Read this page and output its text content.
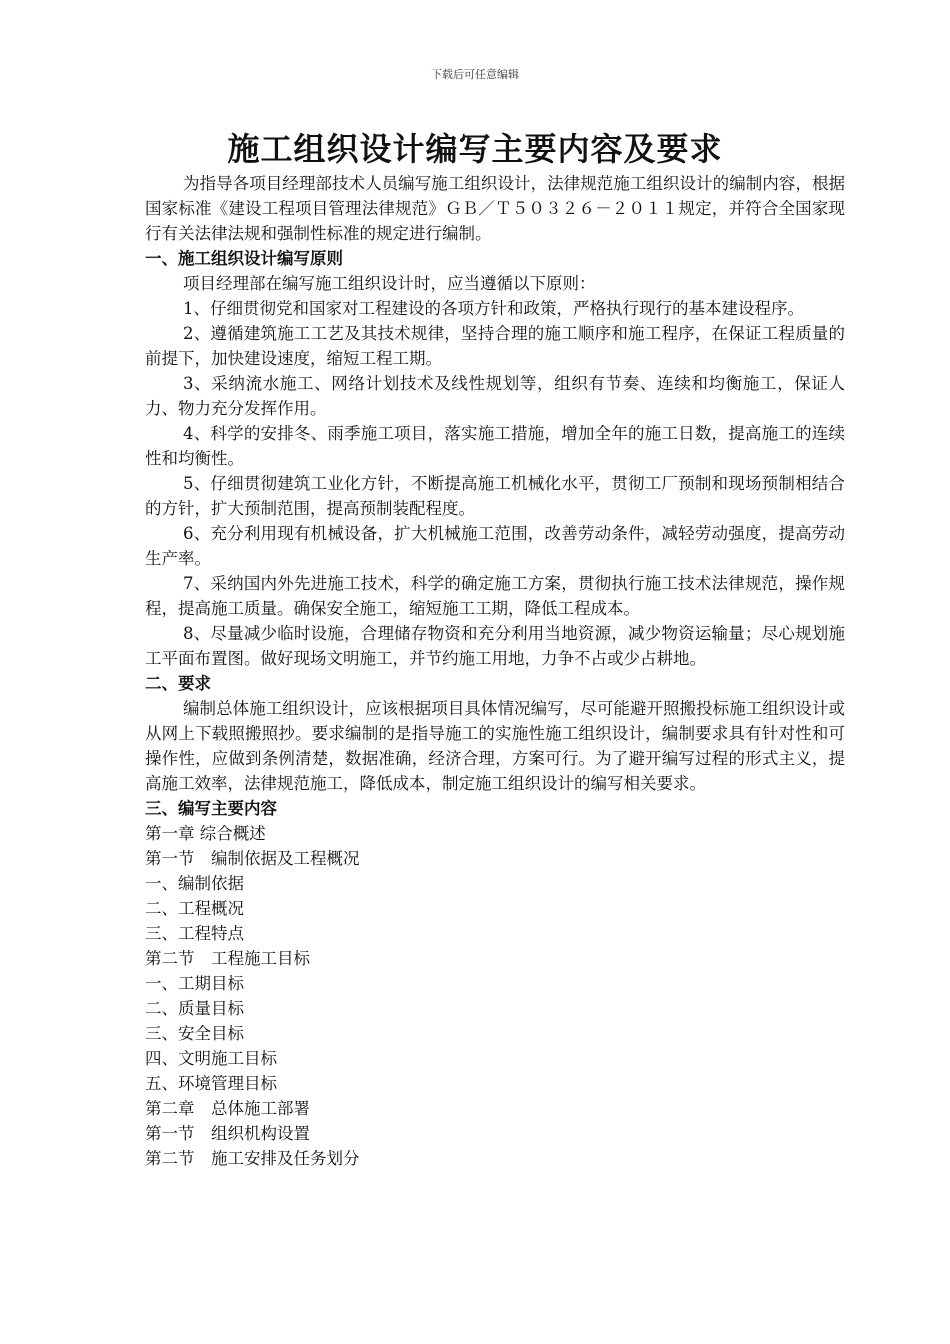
下载后可任意编辑
施工组织设计编写主要内容及要求

为指导各项目经理部技术人员编写施工组织设计，法律规范施工组织设计的编制内容，根据国家标准《建设工程项目管理法律规范》ＧＢ／Ｔ５０３２６－２０１１规定，并符合全国家现行有关法律法规和强制性标准的规定进行编制。

一、施工组织设计编写原则

项目经理部在编写施工组织设计时，应当遵循以下原则：

1、仔细贯彻党和国家对工程建设的各项方针和政策，严格执行现行的基本建设程序。

2、遵循建筑施工工艺及其技术规律，坚持合理的施工顺序和施工程序，在保证工程质量的前提下，加快建设速度，缩短工程工期。

3、采纳流水施工、网络计划技术及线性规划等，组织有节奏、连续和均衡施工，保证人力、物力充分发挥作用。

4、科学的安排冬、雨季施工项目，落实施工措施，增加全年的施工日数，提高施工的连续性和均衡性。

5、仔细贯彻建筑工业化方针，不断提高施工机械化水平，贯彻工厂预制和现场预制相结合的方针，扩大预制范围，提高预制装配程度。

6、充分利用现有机械设备，扩大机械施工范围，改善劳动条件，减轻劳动强度，提高劳动生产率。

7、采纳国内外先进施工技术，科学的确定施工方案，贯彻执行施工技术法律规范，操作规程，提高施工质量。确保安全施工，缩短施工工期，降低工程成本。

8、尽量减少临时设施，合理储存物资和充分利用当地资源，减少物资运输量；尽心规划施工平面布置图。做好现场文明施工，并节约施工用地，力争不占或少占耕地。

二、要求

编制总体施工组织设计，应该根据项目具体情况编写，尽可能避开照搬投标施工组织设计或从网上下载照搬照抄。要求编制的是指导施工的实施性施工组织设计，编制要求具有针对性和可操作性，应做到条例清楚，数据准确，经济合理，方案可行。为了避开编写过程的形式主义，提高施工效率，法律规范施工，降低成本，制定施工组织设计的编写相关要求。

三、编写主要内容

第一章 综合概述

第一节　编制依据及工程概况

一、编制依据

二、工程概况

三、工程特点

第二节　工程施工目标

一、工期目标

二、质量目标

三、安全目标

四、文明施工目标

五、环境管理目标

第二章　总体施工部署

第一节　组织机构设置

第二节　施工安排及任务划分
